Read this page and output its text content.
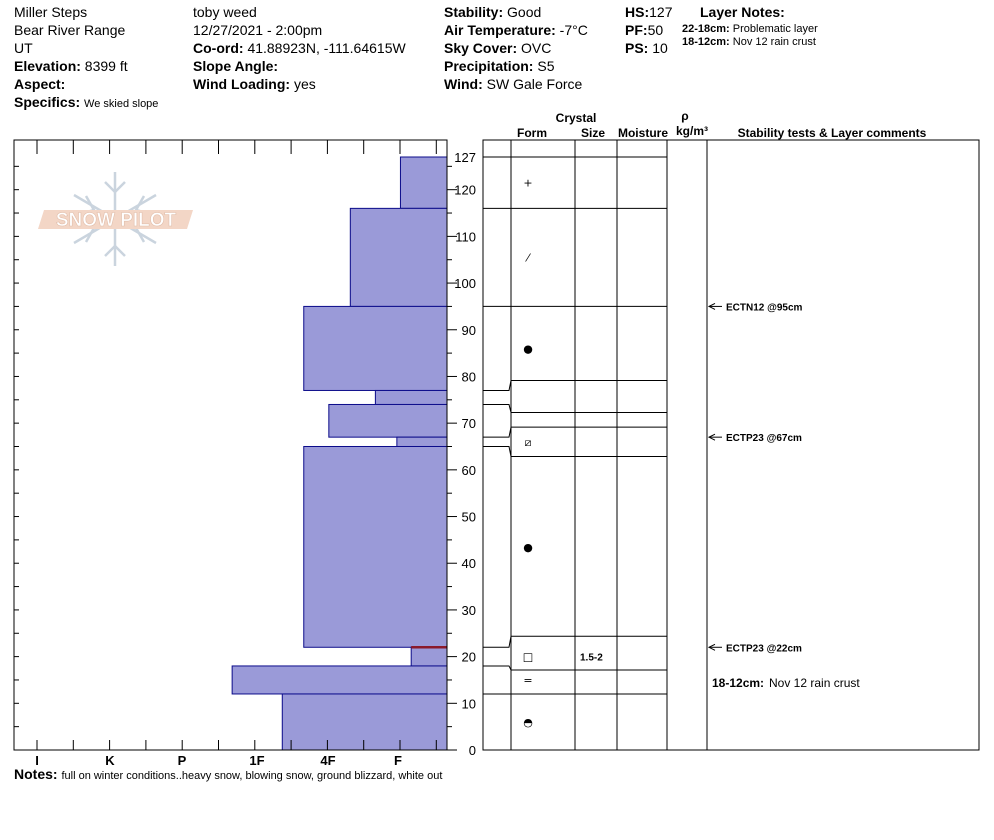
Miller Steps
Bear River Range
UT
Elevation: 8399 ft
Aspect:
Specifics: We skied slope
toby weed
12/27/2021 - 2:00pm
Co-ord: 41.88923N, -111.64615W
Slope Angle:
Wind Loading: yes
Stability: Good
Air Temperature: -7°C
Sky Cover: OVC
Precipitation: S5
Wind: SW Gale Force
HS:127
PF:50
PS: 10
Layer Notes:
22-18cm: Problematic layer
18-12cm: Nov 12 rain crust
SNOW PILOT
0
10
20
30
40
50
60
70
80
90
100
110
120
127
I	K	P	1F	4F	F
+
⁄
●
⧄
●
□	1.5-2
=
◓
ECTN12 @95cm
ECTP23 @67cm
ECTP23 @22cm
18-12cm: Nov 12 rain crust
Crystal
Form	Size Moisture
ρ
kg/m³ Stability tests & Layer comments
Notes: full on winter conditions..heavy snow, blowing snow, ground blizzard, white out
